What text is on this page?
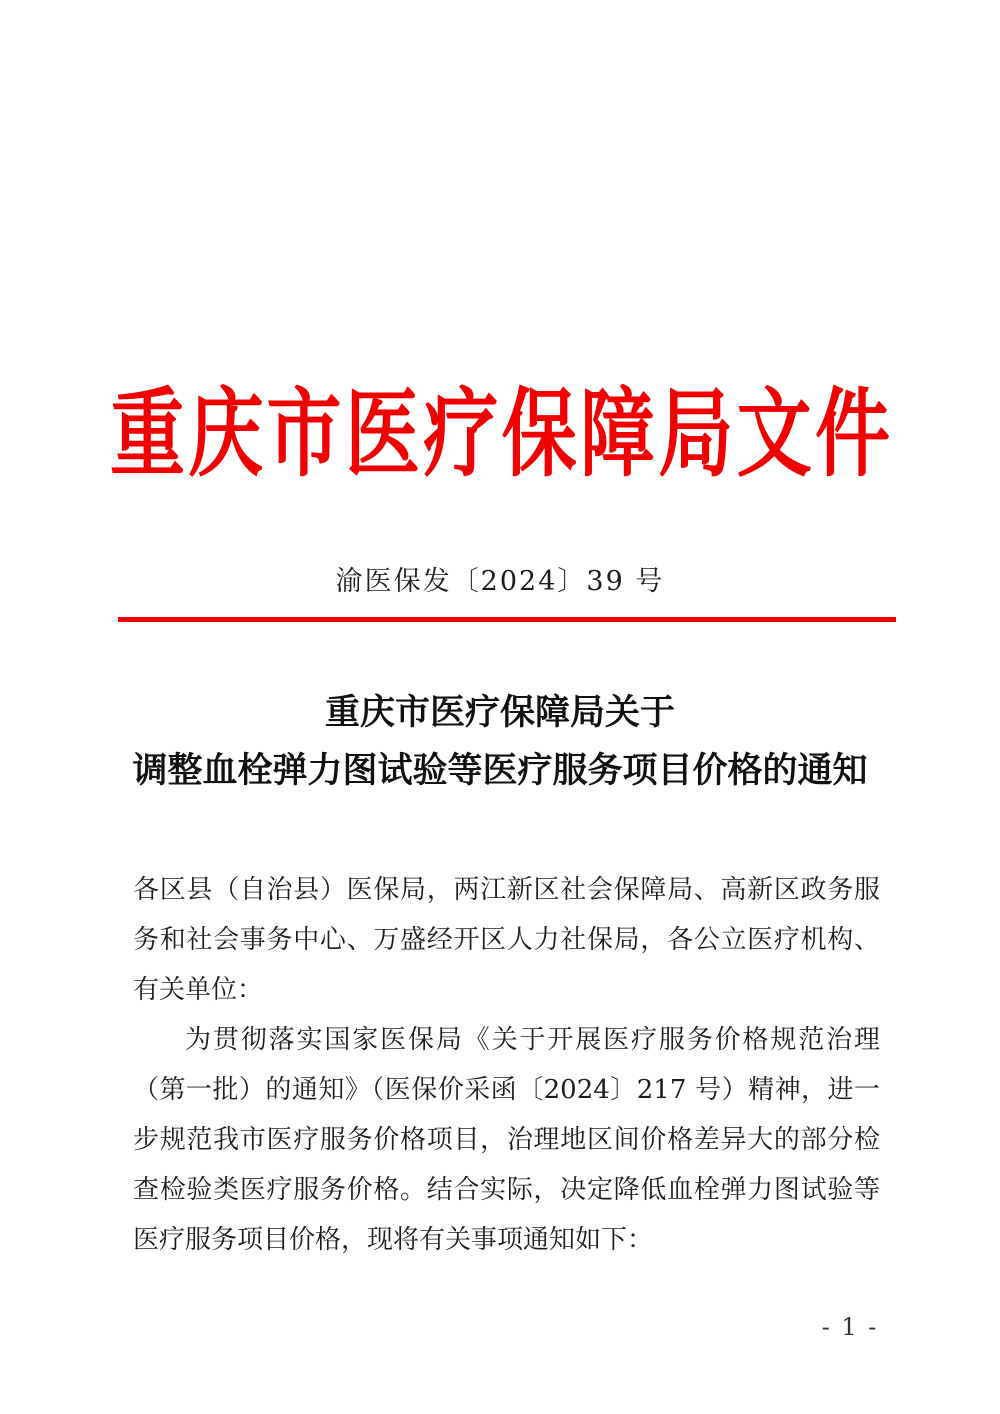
重 庆 市 医 疗 保 障 局 文 件
渝医保发〔2024〕39 号
重庆市医疗保障局关于
调整血栓弹力图试验等医疗服务项目价格的通知
各区县（自治县）医保局，两江新区社会保障局、高新区政务服
务和社会事务中心、万盛经开区人力社保局，各公立医疗机构、
有关单位：
为贯彻落实国家医保局《关于开展医疗服务价格规范治理
（第一批）的通知》（医保价采函〔2024〕217 号）精神，进一
步规范我市医疗服务价格项目，治理地区间价格差异大的部分检
查检验类医疗服务价格。结合实际，决定降低血栓弹力图试验等
医疗服务项目价格，现将有关事项通知如下：
- 1 -
